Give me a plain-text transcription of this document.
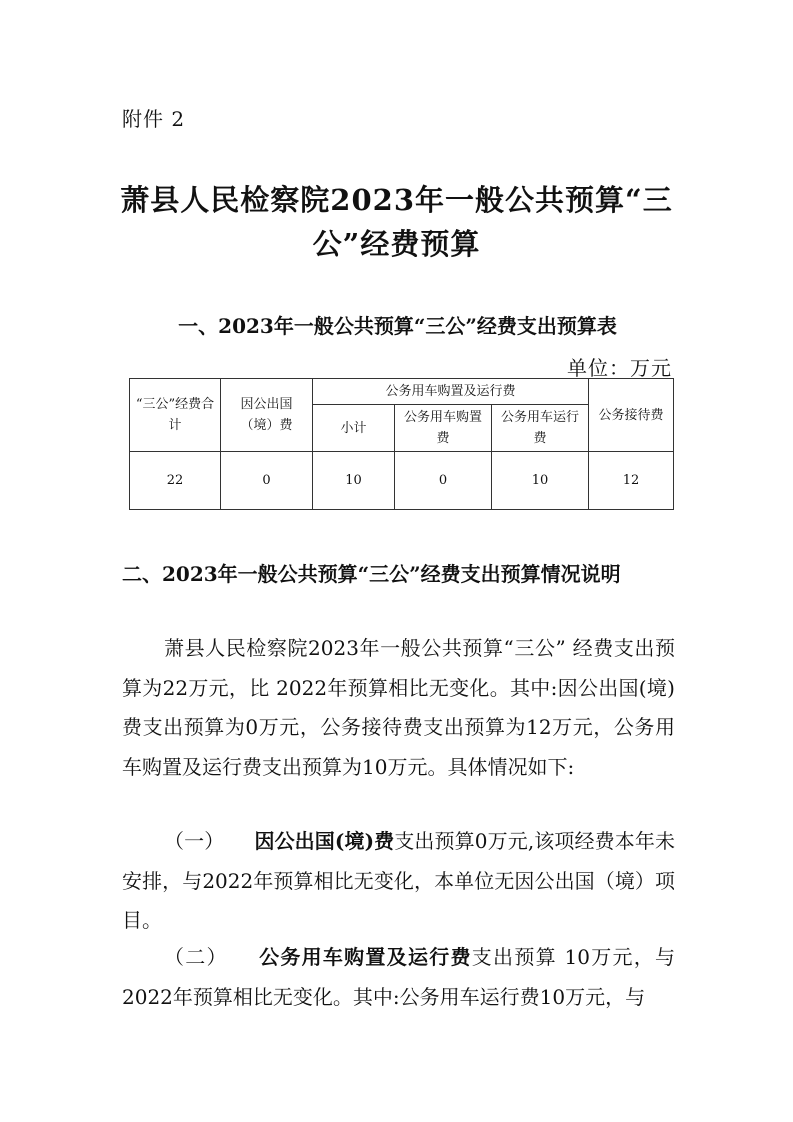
附件 2
萧县人民检察院2023年一般公共预算“三
公”经费预算
一、2023年一般公共预算“三公”经费支出预算表
单位：万元
“三公”经费合计	因公出国（境）费	公务用车购置及运行费			公务接待费
		小计	公务用车购置费	公务用车运行费	
22	0	10	0	10	12
二、2023年一般公共预算“三公”经费支出预算情况说明
萧县人民检察院2023年一般公共预算“三公” 经费支出预算为22万元，比 2022年预算相比无变化。其中:因公出国(境)费支出预算为0万元，公务接待费支出预算为12万元，公务用车购置及运行费支出预算为10万元。具体情况如下:
（一） 因公出国(境)费支出预算0万元,该项经费本年未安排，与2022年预算相比无变化，本单位无因公出国（境）项目。
（二） 公务用车购置及运行费支出预算 10万元，与2022年预算相比无变化。其中:公务用车运行费10万元，与
